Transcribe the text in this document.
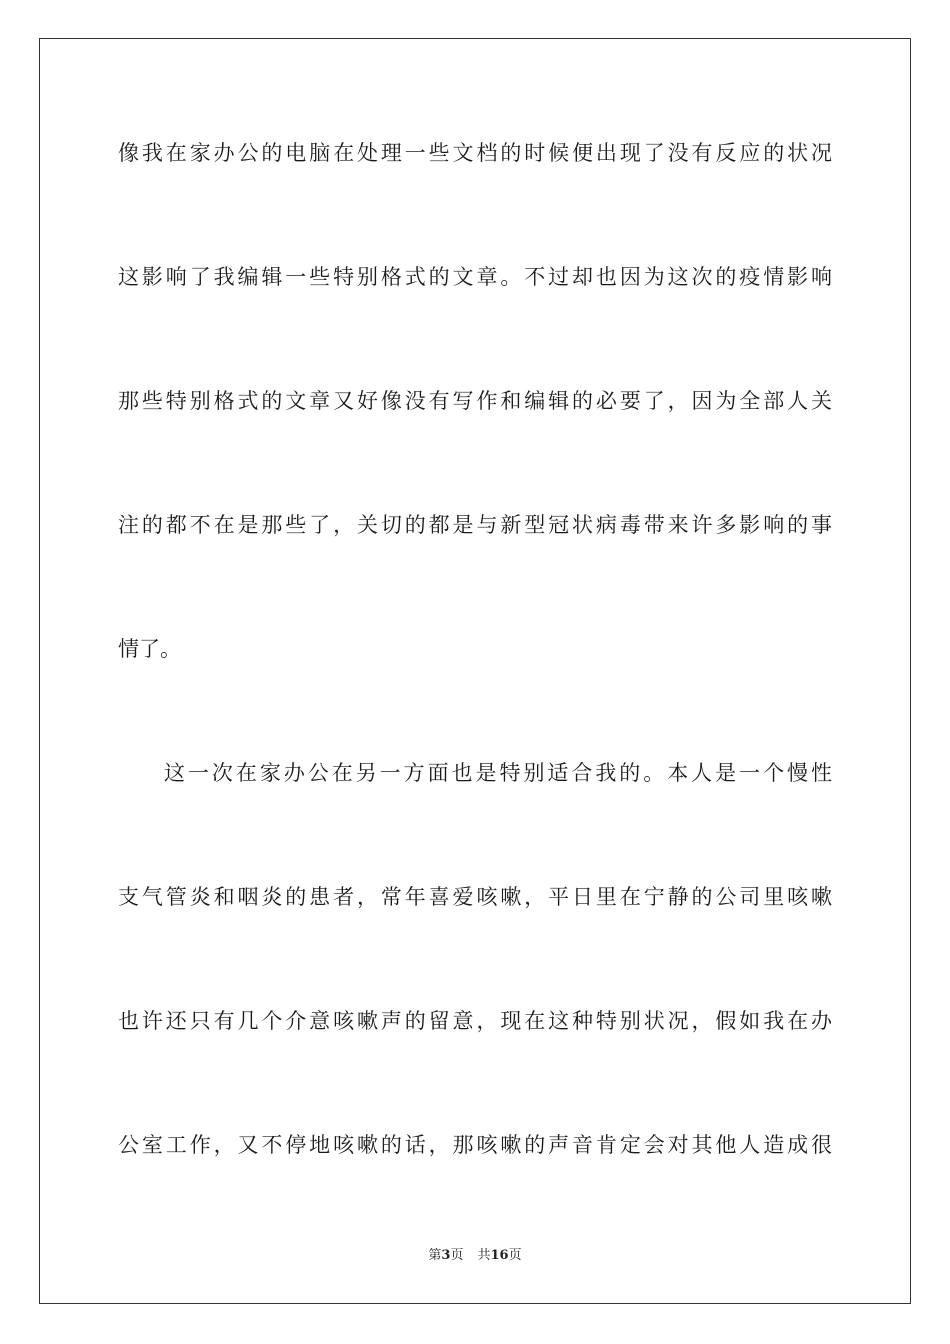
像我在家办公的电脑在处理一些文档的时候便出现了没有反应的状况
这影响了我编辑一些特别格式的文章。不过却也因为这次的疫情影响
那些特别格式的文章又好像没有写作和编辑的必要了，因为全部人关
注的都不在是那些了，关切的都是与新型冠状病毒带来许多影响的事
情了。
这一次在家办公在另一方面也是特别适合我的。本人是一个慢性
支气管炎和咽炎的患者，常年喜爱咳嗽，平日里在宁静的公司里咳嗽
也许还只有几个介意咳嗽声的留意，现在这种特别状况，假如我在办
公室工作，又不停地咳嗽的话，那咳嗽的声音肯定会对其他人造成很
第3页 共16页
